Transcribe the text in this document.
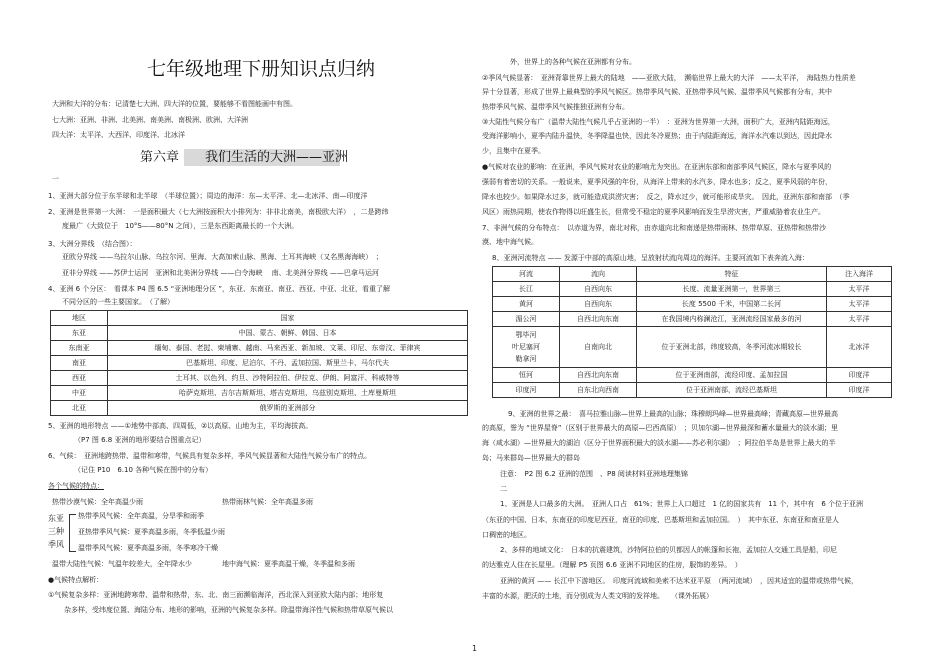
七年级地理下册知识点归纳
大洲和大洋的分布：记清楚七大洲、四大洋的位置，要能够不看图能画中有图。
七大洲：亚洲、非洲、北美洲、南美洲、南极洲、欧洲、大洋洲
四大洋：太平洋、大西洋、印度洋、北冰洋
第六章　　我们生活的大洲——亚洲
一
1、亚洲大部分位于东半球和北半球　（半球位置）；周边的海洋：东—太平洋、北—北冰洋、南—印度洋
2、亚洲是世界第一大洲：　一是面积最大（七大洲按面积大小排列为：非非北南美，南极欧大洋）　，二是跨纬
度最广（大致位于　10°S——80°N 之间），三是东西距离最长的一个大洲。
3、大洲分界线　（结合图）：
亚欧分界线 ——乌拉尔山脉、乌拉尔河、里海、大高加索山脉、黑海、土耳其海峡（又名黑海海峡）　；
亚非分界线 ——苏伊士运河　亚洲和北美洲分界线 ——白令海峡　 南、北美洲分界线 ——巴拿马运河
4、亚洲 6 个分区：　看课本 P4 图 6.5 “亚洲地理分区 ”，东亚、东南亚、南亚、西亚、中亚、北亚，看重了解
不同分区的一些主要国家。　（了解）
地区	国家
东亚	中国、蒙古、朝鲜、韩国、日本
东南亚	缅甸、泰国、老挝、柬埔寨、越南、马来西亚、新加坡、文莱、印尼、东帝汶、菲律宾
南亚	巴基斯坦、印度、尼泊尔、不丹、孟加拉国、斯里兰卡、马尔代夫
西亚	土耳其、以色列、约旦、沙特阿拉伯、伊拉克、伊朗、阿富汗、科威特等
中亚	哈萨克斯坦、吉尔吉斯斯坦、塔吉克斯坦、乌兹别克斯坦、土库曼斯坦
北亚	俄罗斯的亚洲部分
5、亚洲的地形特点 ——①地势中部高、四周低，②以高原、山地为主，平均海拔高。
（P7 图 6.8 亚洲的地形要结合图重点记）
6、气候：　亚洲地跨热带、温带和寒带，气候具有复杂多样，季风气候显著和大陆性气候分布广的特点。
（记住 P10　6.10 各种气候在图中的分布）
各个气候的特点：
热带沙漠气候：全年高温少雨	热带雨林气候：全年高温多雨
东亚
三种
季风
热带季风气候：全年高温，分旱季和雨季
亚热带季风气候：夏季高温多雨，冬季低温少雨
温带季风气候：夏季高温多雨，冬季寒冷干燥
温带大陆性气候：气温年较差大，全年降水少	地中海气候：夏季高温干燥，冬季温和多雨
●气候特点解析：
①气候复杂多样：亚洲地跨寒带、温带和热带，东、北、南三面濒临海洋，西北深入到亚欧大陆内部；地形复
杂多样，受纬度位置、海陆分布、地形的影响，亚洲的气候复杂多样。除温带海洋性气候和热带草原气候以
外，世界上的各种气候在亚洲都有分布。
②季风气候显著：　亚洲背靠世界上最大的陆地　——亚欧大陆，　濒临世界上最大的大洋　——太平洋，　海陆热力性质差
异十分显著，形成了世界上最典型的季风气候区。热带季风气候、亚热带季风气候、温带季风气候都有分布，其中
热带季风气候、温带季风气候推独亚洲有分布。
③大陆性气候分布广（温带大陆性气候几乎占亚洲的一半）　：亚洲为世界第一大洲，面积广大，亚洲内陆距海远，
受海洋影响小，夏季内陆升温快，冬季降温也快，因此冬冷夏热；由于内陆距海远，海洋水汽难以到达，因此降水
少，且集中在夏季。
●气候对农业的影响：在亚洲，季风气候对农业的影响尤为突出。在亚洲东部和南部季风气候区，降水与夏季风的
强弱有着密切的关系。一般说来，夏季风强的年份，从海洋上带来的水汽多，降水也多；反之，夏季风弱的年份，
降水也较少。如果降水过多，就可能造成洪涝灾害；　反之，降水过少，就可能形成旱灾。　因此，亚洲东部和南部　（季
风区）雨热同期，使农作物得以旺盛生长，但常受不稳定的夏季风影响而发生旱涝灾害，严重威胁着农业生产。
7、非洲气候的分布特点：　以赤道为界，南北对称，由赤道向北和南递是热带雨林、热带草原、亚热带和热带沙
漠、地中海气候。
8、亚洲河流特点 —— 发源于中部的高原山地，呈放射状流向周边的海洋。主要河流如下表奔流入海：
河流	流向	特征	注入海洋
长江	自西向东	长度、流量亚洲第一，世界第三	太平洋
黄河	自西向东	长度 5500 千米，中国第二长河	太平洋
湄公河	自西北向东南	在我国境内称澜沧江，亚洲流经国家最多的河	太平洋
鄂毕河
叶尼塞河
勒拿河	自南向北	位于亚洲北部，纬度较高，冬季河流冰期较长	北冰洋
恒河	自西北向东南	位于亚洲南部，流经印度、孟加拉国	印度洋
印度河	自东北向西南	位于亚洲南部，流经巴基斯坦	印度洋
9、亚洲的世界之最：　喜马拉雅山脉—世界上最高的山脉；珠穆朗玛峰—世界最高峰；青藏高原—世界最高
的高原，誉为 “世界屋脊”（区别于世界最大的高原—巴西高原）　；贝加尔湖—世界最深和蓄水量最大的淡水湖；里
海（咸水湖）—世界最大的湖泊（区分于世界面积最大的淡水湖——苏必利尔湖）　；阿拉伯半岛是世界上最大的半
岛；马来群岛—世界最大的群岛
注意：　P2 图 6.2 亚洲的范围　、P8 阅读材料亚洲地理集锦
二
1、亚洲是人口最多的大洲。　亚洲人口占　61%；世界上人口超过　1 亿的国家共有　11 个，其中有　6 个位于亚洲
（东亚的中国、日本，东南亚的印度尼西亚，南亚的印度、巴基斯坦和孟加拉国。　）　其中东亚、东南亚和南亚是人
口稠密的地区。
2、多样的地域文化：　日本的抗震建筑，沙特阿拉伯的贝都因人的帐篷和长袍，孟加拉人交通工具是船，印尼
的达雅克人住在长屋里。（理解 P5 页图 6.6 亚洲不同地区的住房，服饰的差异。　）
亚洲的黄河 —— 长江中下游地区。　印度河流域和美索不达米亚平原　（两河流域）　，因其适宜的温带或热带气候，
丰富的水源，肥沃的土地，而分别成为人类文明的发祥地。　　（课外拓展）
1
